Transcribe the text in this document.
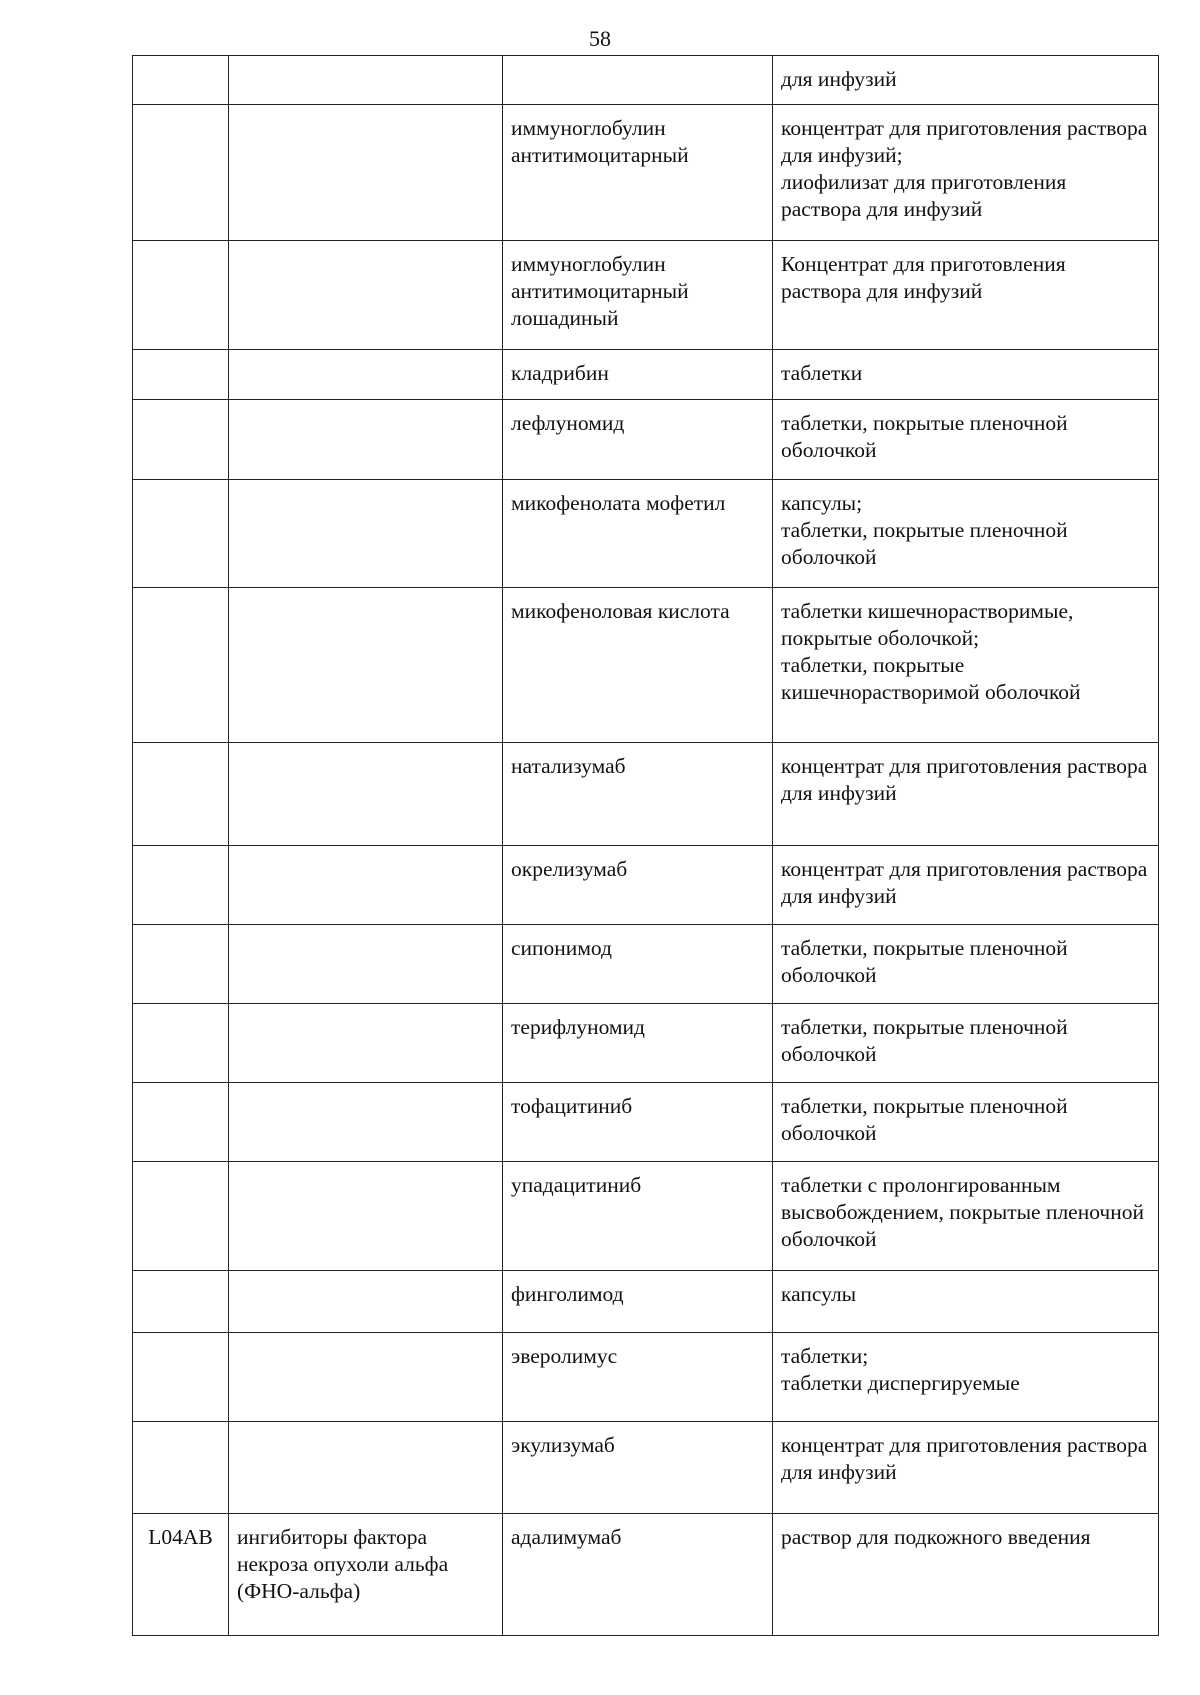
58

			для инфузий

		иммуноглобулин антитимоцитарный	концентрат для приготовления раствора для инфузий;
лиофилизат для приготовления раствора для инфузий

		иммуноглобулин антитимоцитарный лошадиный	Концентрат для приготовления раствора для инфузий

		кладрибин	таблетки

		лефлуномид	таблетки, покрытые пленочной оболочкой

		микофенолата мофетил	капсулы;
таблетки, покрытые пленочной оболочкой

		микофеноловая кислота	таблетки кишечнорастворимые, покрытые оболочкой;
таблетки, покрытые кишечнорастворимой оболочкой

		натализумаб	концентрат для приготовления раствора для инфузий

		окрелизумаб	концентрат для приготовления раствора для инфузий

		сипонимод	таблетки, покрытые пленочной оболочкой

		терифлуномид	таблетки, покрытые пленочной оболочкой

		тофацитиниб	таблетки, покрытые пленочной оболочкой

		упадацитиниб	таблетки с пролонгированным высвобождением, покрытые пленочной оболочкой

		финголимод	капсулы

		эверолимус	таблетки;
таблетки диспергируемые

		экулизумаб	концентрат для приготовления раствора для инфузий

L04AB	ингибиторы фактора некроза опухоли альфа (ФНО-альфа)	адалимумаб	раствор для подкожного введения
